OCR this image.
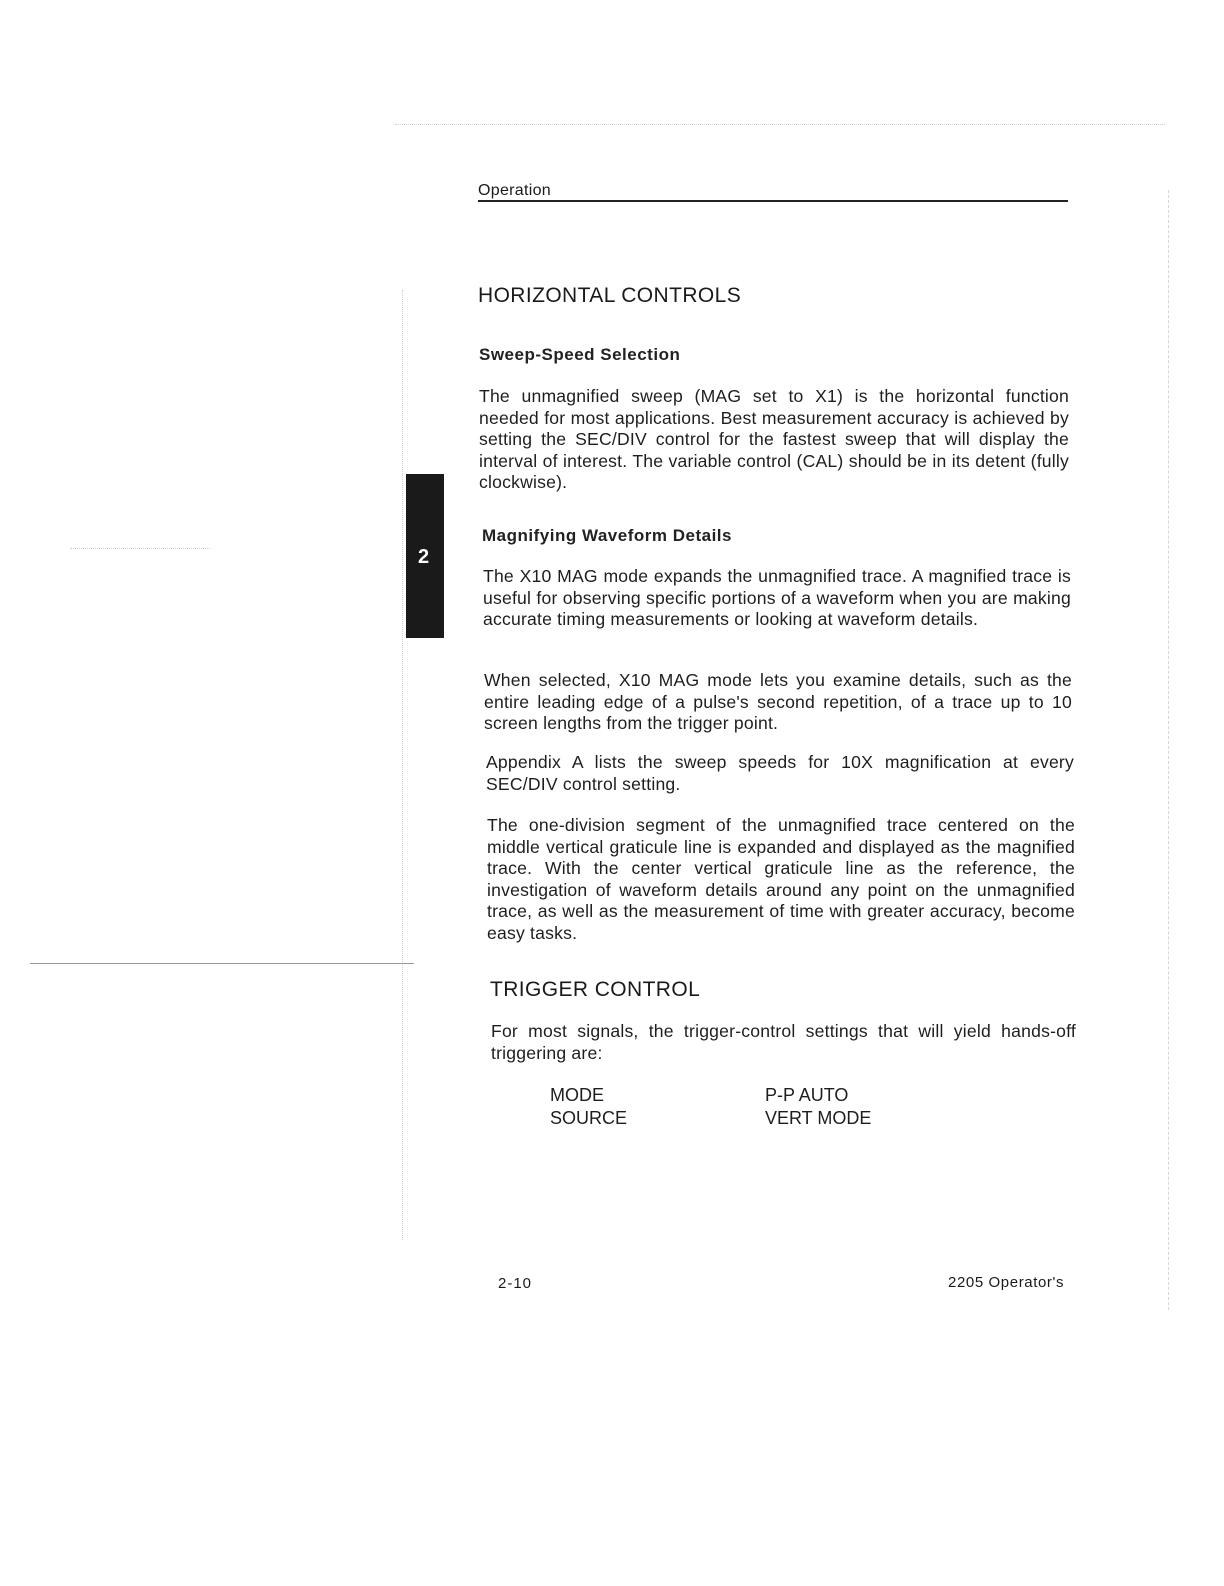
Operation
2
HORIZONTAL CONTROLS
Sweep-Speed Selection

The unmagnified sweep (MAG set to X1) is the horizontal function needed for most applications. Best measurement accuracy is achieved by setting the SEC/DIV control for the fastest sweep that will display the interval of interest. The variable control (CAL) should be in its detent (fully clockwise).

Magnifying Waveform Details

The X10 MAG mode expands the unmagnified trace. A magnified trace is useful for observing specific portions of a waveform when you are making accurate timing measurements or looking at waveform details.

When selected, X10 MAG mode lets you examine details, such as the entire leading edge of a pulse's second repetition, of a trace up to 10 screen lengths from the trigger point.

Appendix A lists the sweep speeds for 10X magnification at every SEC/DIV control setting.

The one-division segment of the unmagnified trace centered on the middle vertical graticule line is expanded and displayed as the magnified trace. With the center vertical graticule line as the reference, the investigation of waveform details around any point on the unmagnified trace, as well as the measurement of time with greater accuracy, become easy tasks.

TRIGGER CONTROL

For most signals, the trigger-control settings that will yield hands-off triggering are:

MODE	P-P AUTO
SOURCE	VERT MODE
2-10	2205 Operator's
